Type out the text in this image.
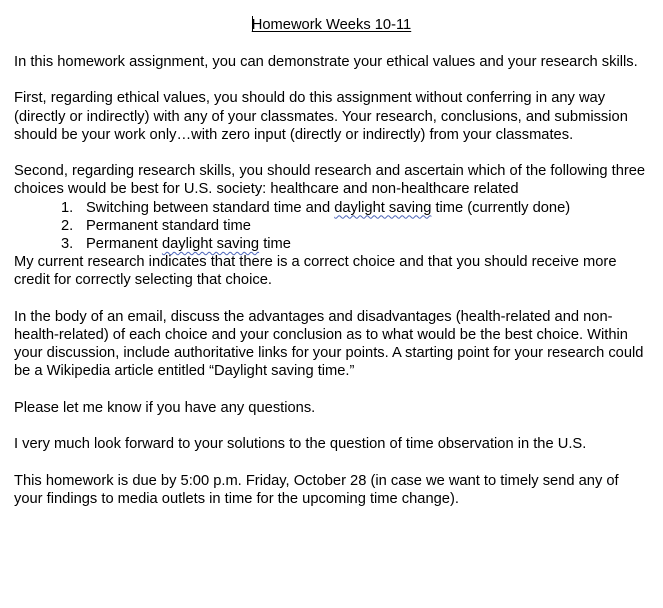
Homework Weeks 10-11

In this homework assignment, you can demonstrate your ethical values and your research skills.

First, regarding ethical values, you should do this assignment without conferring in any way (directly or indirectly) with any of your classmates. Your research, conclusions, and submission should be your work only…with zero input (directly or indirectly) from your classmates.

Second, regarding research skills, you should research and ascertain which of the following three choices would be best for U.S. society: healthcare and non-healthcare related

1. Switching between standard time and daylight saving time (currently done)
2. Permanent standard time
3. Permanent daylight saving time

My current research indicates that there is a correct choice and that you should receive more credit for correctly selecting that choice.

In the body of an email, discuss the advantages and disadvantages (health-related and non-health-related) of each choice and your conclusion as to what would be the best choice. Within your discussion, include authoritative links for your points. A starting point for your research could be a Wikipedia article entitled “Daylight saving time.”

Please let me know if you have any questions.

I very much look forward to your solutions to the question of time observation in the U.S.

This homework is due by 5:00 p.m. Friday, October 28 (in case we want to timely send any of your findings to media outlets in time for the upcoming time change).
